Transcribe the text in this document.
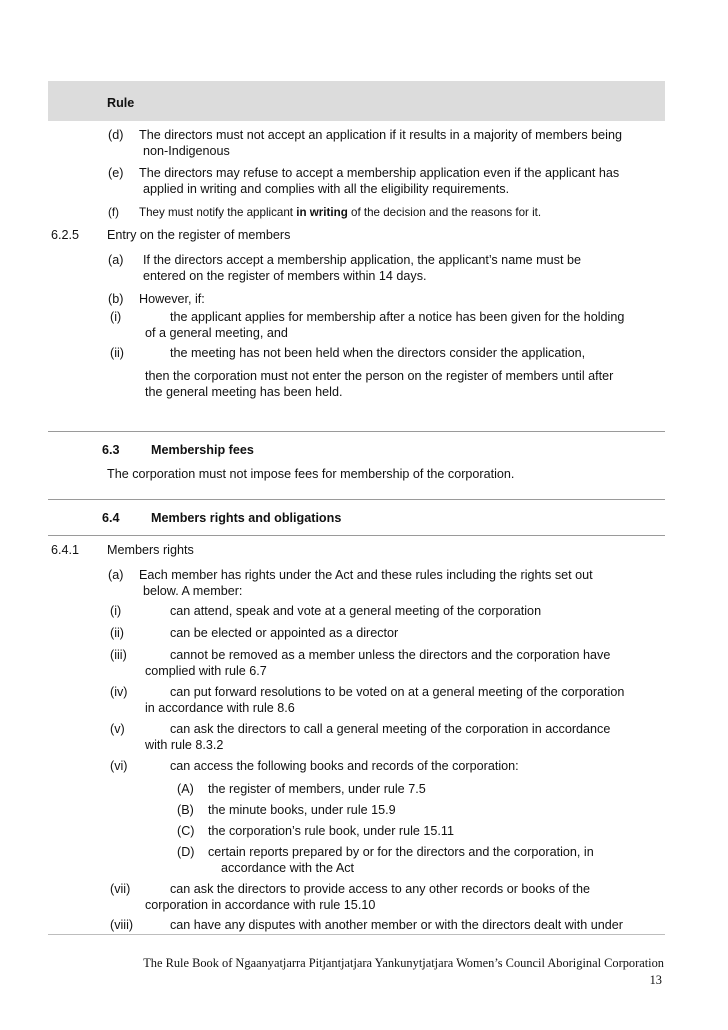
Rule
(d) The directors must not accept an application if it results in a majority of members being
non-Indigenous
(e) The directors may refuse to accept a membership application even if the applicant has
applied in writing and complies with all the eligibility requirements.
(f) They must notify the applicant in writing of the decision and the reasons for it.
6.2.5 Entry on the register of members
(a) If the directors accept a membership application, the applicant’s name must be
entered on the register of members within 14 days.
(b) However, if:
(i)	the applicant applies for membership after a notice has been given for the holding
of a general meeting, and
(ii)	the meeting has not been held when the directors consider the application,
then the corporation must not enter the person on the register of members until after
the general meeting has been held.
6.3 Membership fees
The corporation must not impose fees for membership of the corporation.
6.4 Members rights and obligations
6.4.1 Members rights
(a) Each member has rights under the Act and these rules including the rights set out
below. A member:
(i)	can attend, speak and vote at a general meeting of the corporation
(ii)	can be elected or appointed as a director
(iii)	cannot be removed as a member unless the directors and the corporation have
complied with rule 6.7
(iv)	can put forward resolutions to be voted on at a general meeting of the corporation
in accordance with rule 8.6
(v)	can ask the directors to call a general meeting of the corporation in accordance
with rule 8.3.2
(vi)	can access the following books and records of the corporation:
(A) the register of members, under rule 7.5
(B) the minute books, under rule 15.9
(C) the corporation’s rule book, under rule 15.11
(D) certain reports prepared by or for the directors and the corporation, in
accordance with the Act
(vii)	can ask the directors to provide access to any other records or books of the
corporation in accordance with rule 15.10
(viii)	can have any disputes with another member or with the directors dealt with under
The Rule Book of Ngaanyatjarra Pitjantjatjara Yankunytjatjara Women’s Council Aboriginal Corporation
13
